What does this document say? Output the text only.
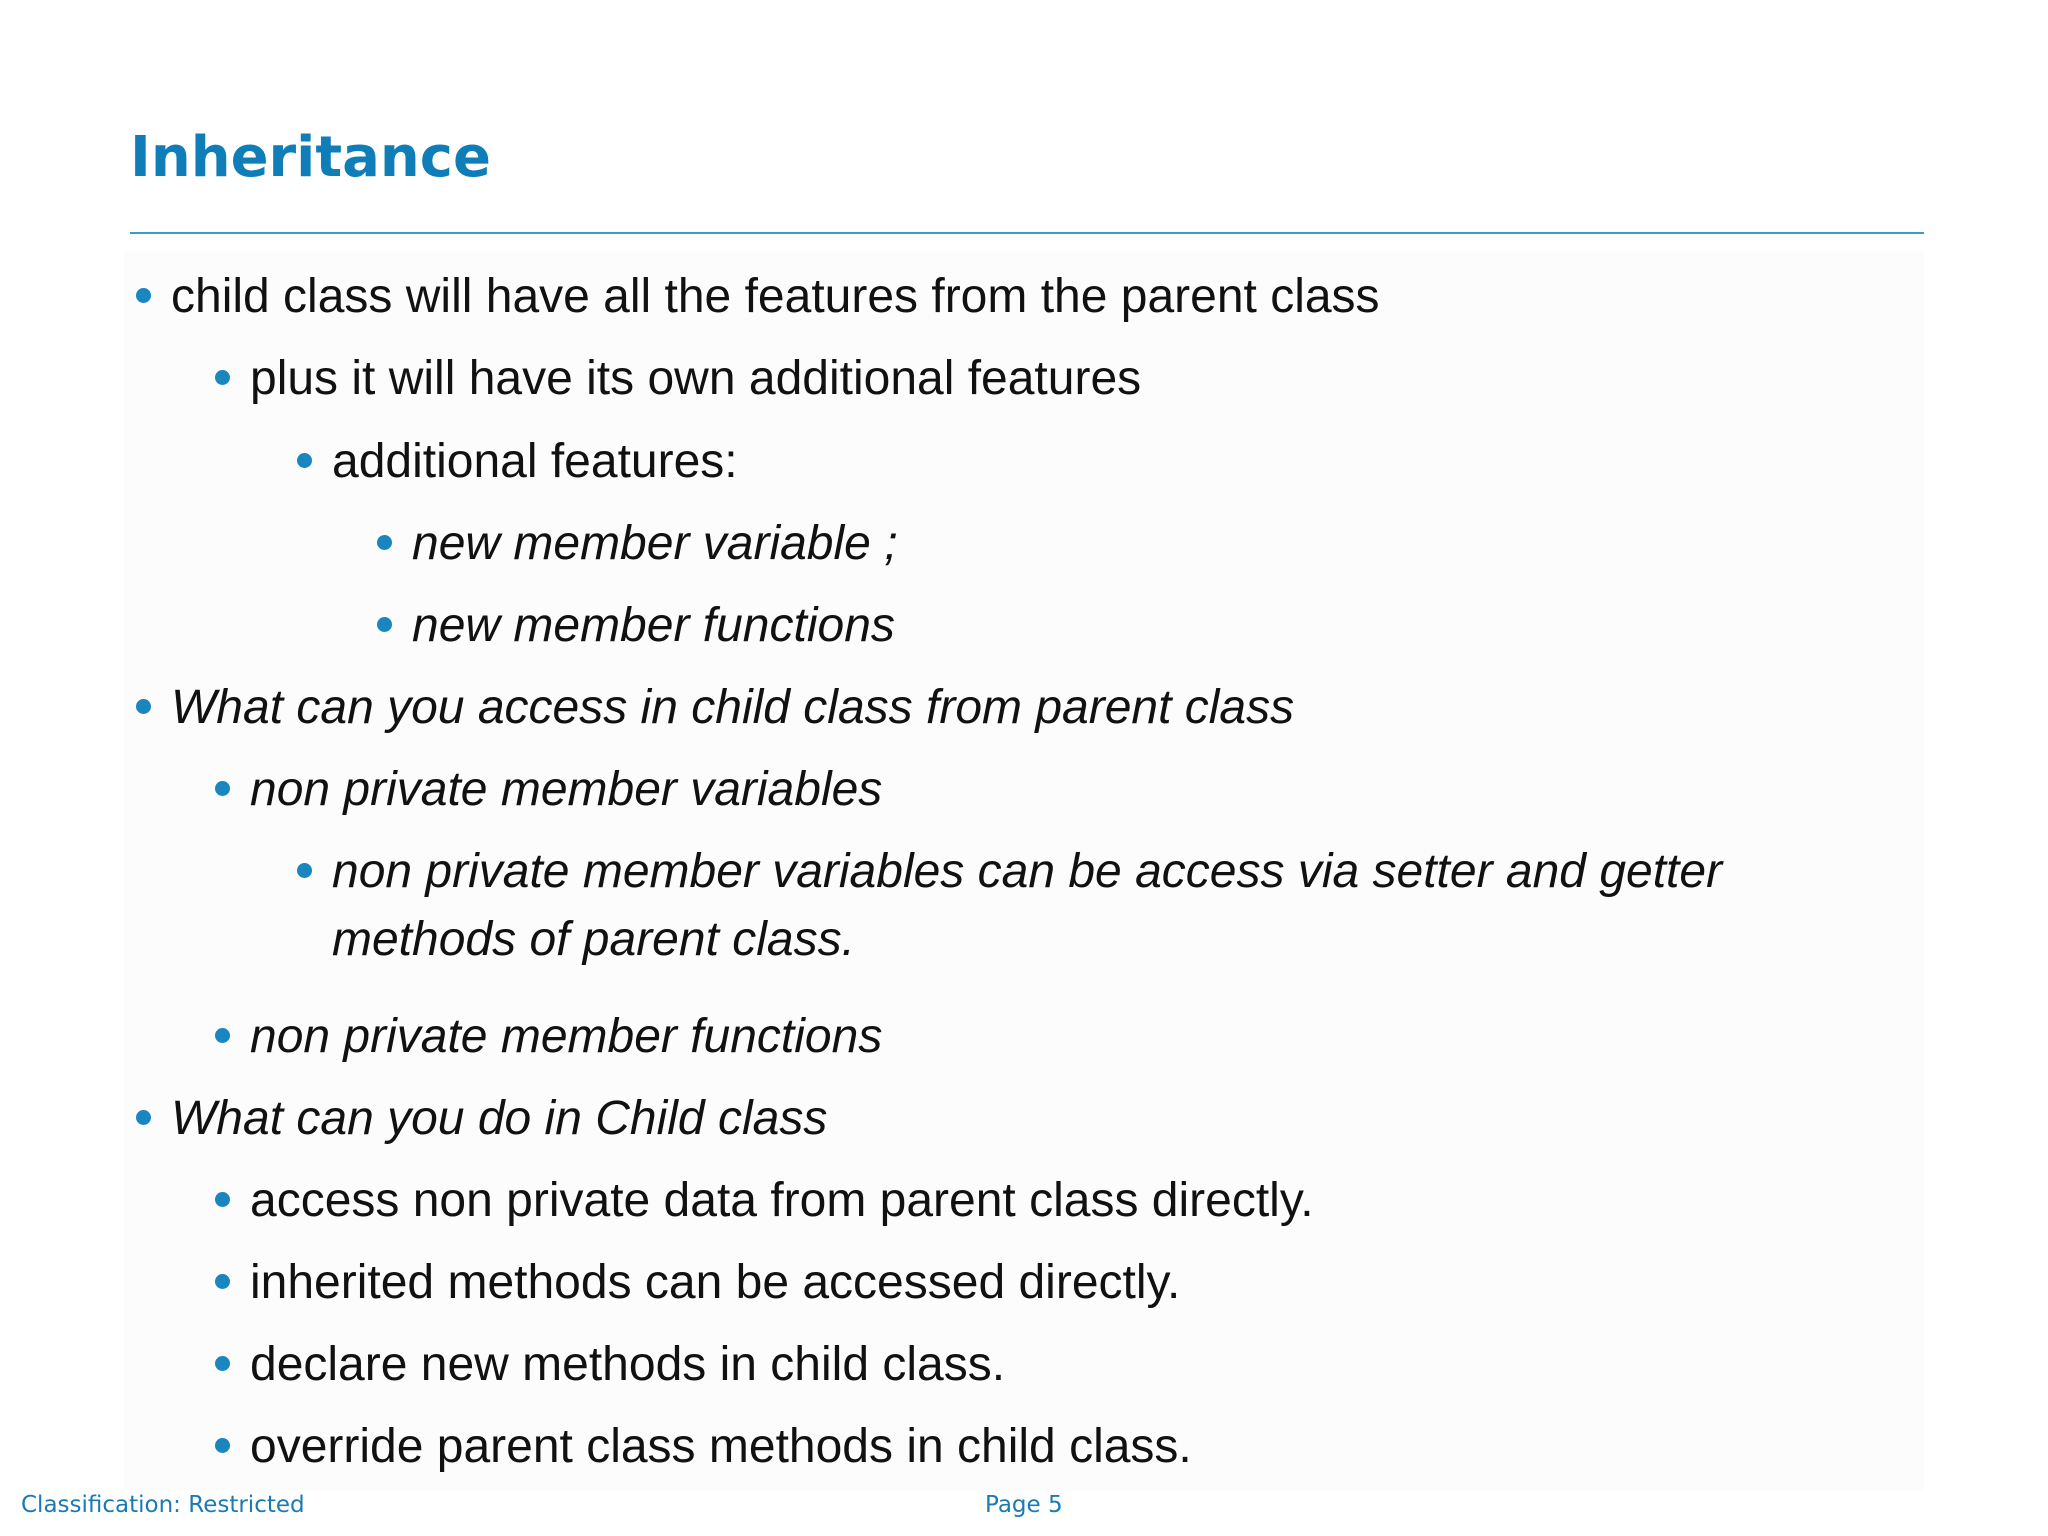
Inheritance
child class will have all the features from the parent class
plus it will have its own additional features
additional features:
new member variable ;
new member functions
What can you access in child class from parent class
non private member variables
non private member variables can be access via setter and getter methods of parent class.
non private member functions
What can you do in Child class
access non private data from parent class directly.
inherited methods can be accessed directly.
declare new methods in child class.
override parent class methods in child class.
Classification: Restricted	Page 5
